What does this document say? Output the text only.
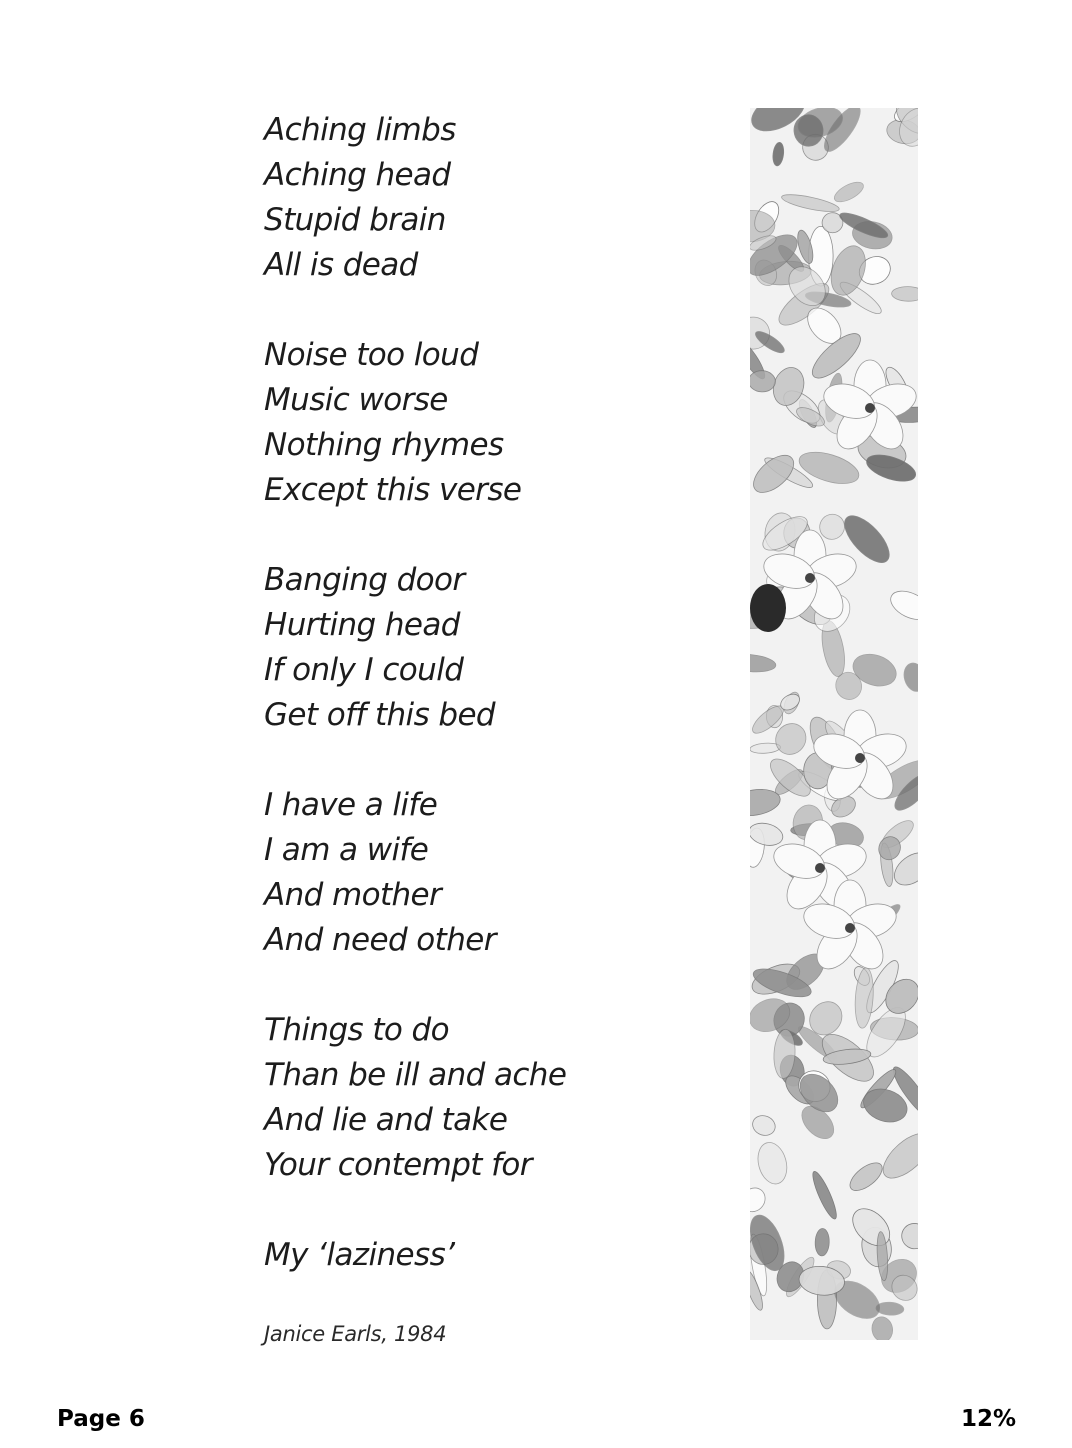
Aching limbs
Aching head
Stupid brain
All is dead
Noise too loud
Music worse
Nothing rhymes
Except this verse
Banging door
Hurting head
If only I could
Get off this bed
I have a life
I am a wife
And mother
And need other
Things to do
Than be ill and ache
And lie and take
Your contempt for
My ‘laziness’
Janice Earls, 1984
Page 6	12%
